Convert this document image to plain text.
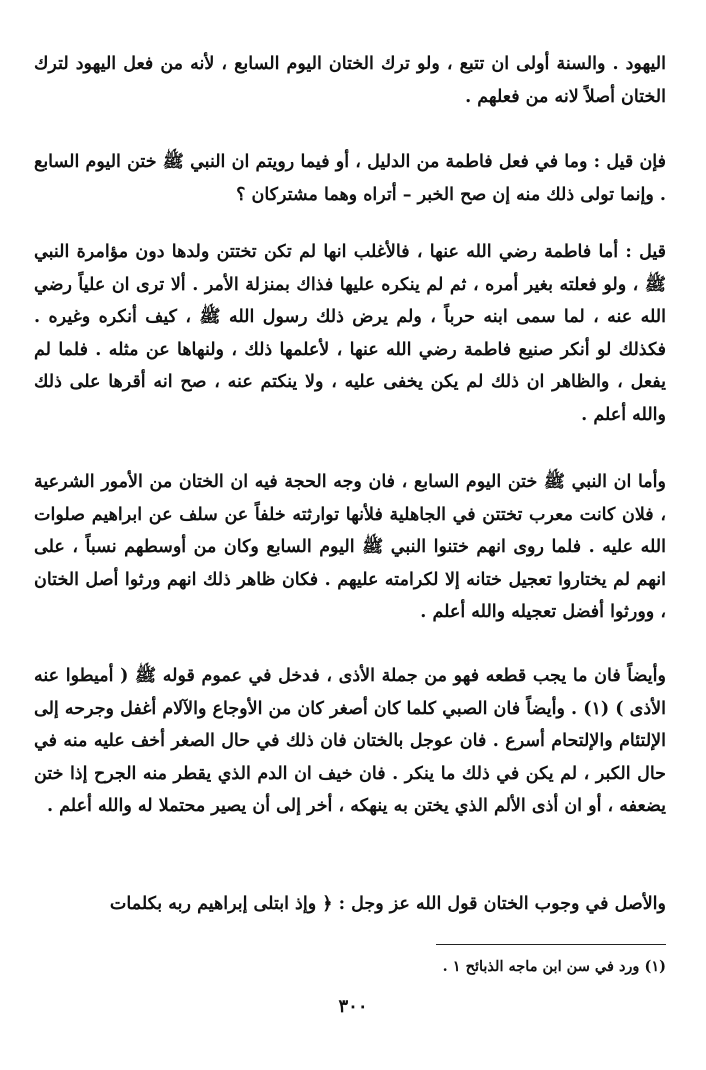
اليهود . والسنة أولى ان تتبع ، ولو ترك الختان اليوم السابع ، لأنه من فعل اليهود لترك الختان أصلاً لانه من فعلهم .

فإن قيل : وما في فعل فاطمة من الدليل ، أو فيما رويتم ان النبي ﷺ ختن اليوم السابع . وإنما تولى ذلك منه إن صح الخبر – أتراه وهما مشتركان ؟

قيل : أما فاطمة رضي الله عنها ، فالأغلب انها لم تكن تختتن ولدها دون مؤامرة النبي ﷺ ، ولو فعلته بغير أمره ، ثم لم ينكره عليها فذاك بمنزلة الأمر . ألا ترى ان علياً رضي الله عنه ، لما سمى ابنه حرباً ، ولم يرض ذلك رسول الله ﷺ ، كيف أنكره وغيره . فكذلك لو أنكر صنيع فاطمة رضي الله عنها ، لأعلمها ذلك ، ولنهاها عن مثله . فلما لم يفعل ، والظاهر ان ذلك لم يكن يخفى عليه ، ولا ينكتم عنه ، صح انه أقرها على ذلك والله أعلم .

وأما ان النبي ﷺ ختن اليوم السابع ، فان وجه الحجة فيه ان الختان من الأمور الشرعية ، فلان كانت معرب تختتن في الجاهلية فلأنها توارثته خلفاً عن سلف عن ابراهيم صلوات الله عليه . فلما روى انهم ختنوا النبي ﷺ اليوم السابع وكان من أوسطهم نسباً ، على انهم لم يختاروا تعجيل ختانه إلا لكرامته عليهم . فكان ظاهر ذلك انهم ورثوا أصل الختان ، وورثوا أفضل تعجيله والله أعلم .

وأيضاً فان ما يجب قطعه فهو من جملة الأذى ، فدخل في عموم قوله ﷺ ( أميطوا عنه الأذى ) (١) . وأيضاً فان الصبي كلما كان أصغر كان من الأوجاع والآلام أغفل وجرحه إلى الإلتئام والإلتحام أسرع . فان عوجل بالختان فان ذلك في حال الصغر أخف عليه منه في حال الكبر ، لم يكن في ذلك ما ينكر . فان خيف ان الدم الذي يقطر منه الجرح إذا ختن يضعفه ، أو ان أذى الألم الذي يختن به ينهكه ، أخر إلى أن يصير محتملا له والله أعلم .

والأصل في وجوب الختان قول الله عز وجل : ﴿ وإذ ابتلى إبراهيم ربه بكلمات

(١) ورد في سن ابن ماجه الذبائح ١ .
٣٠٠
